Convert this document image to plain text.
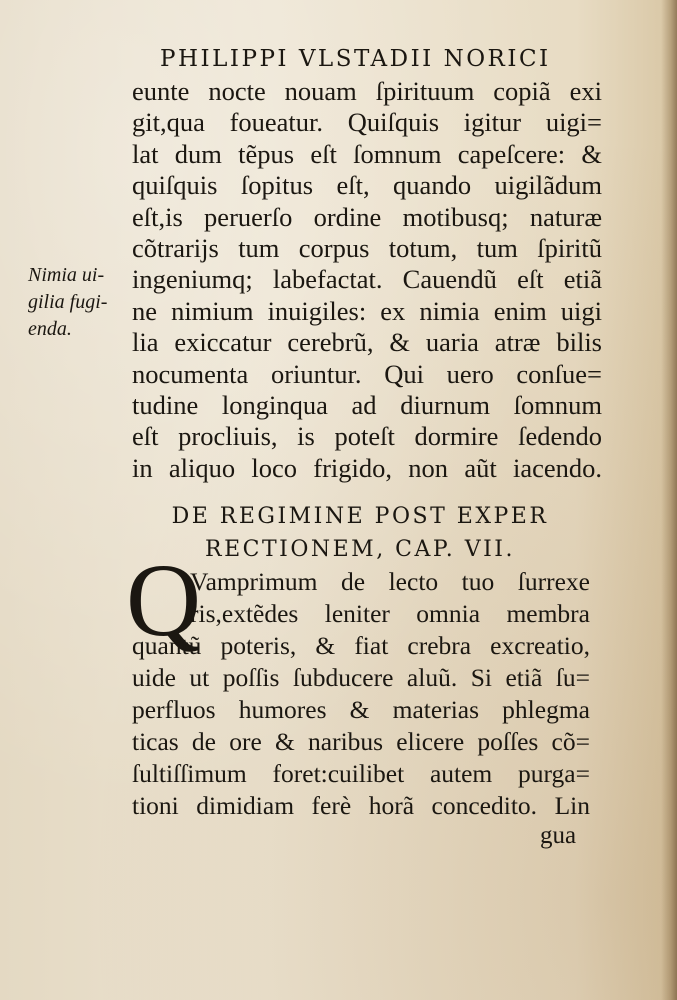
PHILIPPI VLSTADII NORICI
eunte nocte nouam ſpirituum copiã exi
git,qua foueatur. Quiſquis igitur uigi=
lat dum tẽpus eſt ſomnum capeſcere: &
quiſquis ſopitus eſt, quando uigilãdum
eſt,is peruerſo ordine motibusq; naturæ
cõtrarijs tum corpus totum, tum ſpiritũ
ingeniumq; labefactat. Cauendũ eſt etiã
ne nimium inuigiles: ex nimia enim uigi
lia exiccatur cerebrũ, & uaria atræ bilis
nocumenta oriuntur. Qui uero conſue=
tudine longinqua ad diurnum ſomnum
eſt procliuis, is poteſt dormire ſedendo
in aliquo loco frigido, non aũt iacendo.
Nimia ui-
gilia fugi-
enda.
DE REGIMINE POST EXPER
RECTIONEM, CAP. VII.
Q
Vamprimum de lecto tuo ſurrexe
ris,extẽdes leniter omnia membra
quantũ poteris, & fiat crebra excreatio,
uide ut poſſis ſubducere aluũ. Si etiã ſu=
perfluos humores & materias phlegma
ticas de ore & naribus elicere poſſes cõ=
ſultiſſimum foret:cuilibet autem purga=
tioni dimidiam ferè horã concedito. Lin
gua
